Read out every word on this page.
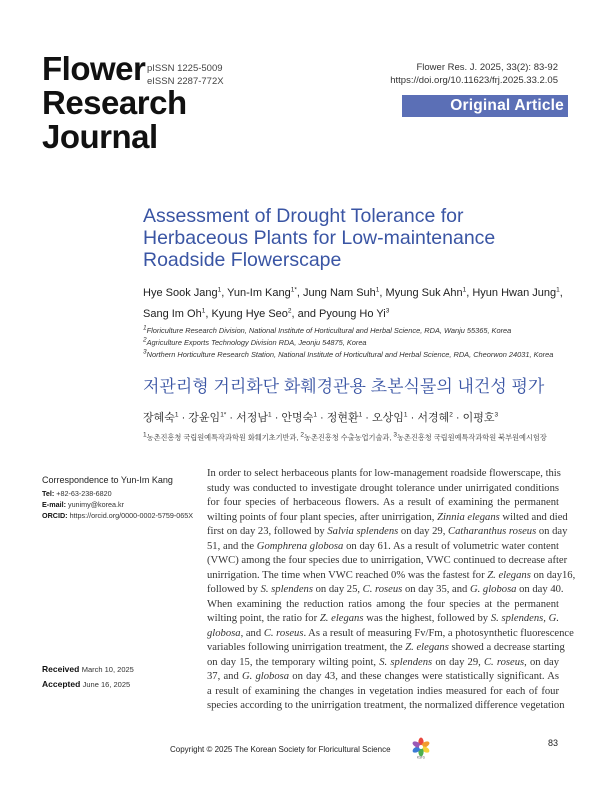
Flower
Research
Journal
pISSN 1225-5009
eISSN 2287-772X
Flower Res. J. 2025, 33(2): 83-92
https://doi.org/10.11623/frj.2025.33.2.05
Original Article
Assessment of Drought Tolerance for
Herbaceous Plants for Low-maintenance
Roadside Flowerscape
Hye Sook Jang$^1$, Yun-Im Kang$^{1*}$, Jung Nam Suh$^1$, Myung Suk Ahn$^1$, Hyun Hwan Jung$^1$,
Sang Im Oh$^1$, Kyung Hye Seo$^2$, and Pyoung Ho Yi$^3$
$^1$Floriculture Research Division, National Institute of Horticultural and Herbal Science, RDA, Wanju 55365, Korea
$^2$Agriculture Exports Technology Division RDA, Jeonju 54875, Korea
$^3$Northern Horticulture Research Station, National Institute of Horticultural and Herbal Science, RDA, Cheorwon 24031, Korea
저관리형 거리화단 화훼경관용 초본식물의 내건성 평가
장혜숙$^1$ · 강윤임$^{1*}$ · 서정남$^1$ · 안명숙$^1$ · 정현환$^1$ · 오상임$^1$ · 서경혜$^2$ · 이평호$^3$
$^1$농촌진흥청 국립원예특작과학원 화훼기초기반과, $^2$농촌진흥청 수출농업기술과, $^3$농촌진흥청 국립원예특작과학원 북부원예시험장
Correspondence to Yun-Im Kang
Tel: +82-63-238-6820
E-mail: yunimy@korea.kr
ORCID: https://orcid.org/0000-0002-5759-065X
Received March 10, 2025
Accepted June 16, 2025
In order to select herbaceous plants for low-management roadside flowerscape, this
study was conducted to investigate drought tolerance under unirrigated conditions
for four species of herbaceous flowers. As a result of examining the permanent
wilting points of four plant species, after unirrigation, Zinnia elegans wilted and died
first on day 23, followed by Salvia splendens on day 29, Catharanthus roseus on day
51, and the Gomphrena globosa on day 61. As a result of volumetric water content
(VWC) among the four species due to unirrigation, VWC continued to decrease after
unirrigation. The time when VWC reached 0% was the fastest for Z. elegans on day16,
followed by S. splendens on day 25, C. roseus on day 35, and G. globosa on day 40.
When examining the reduction ratios among the four species at the permanent
wilting point, the ratio for Z. elegans was the highest, followed by S. splendens, G.
globosa, and C. roseus. As a result of measuring Fv/Fm, a photosynthetic fluorescence
variables following unirrigation treatment, the Z. elegans showed a decrease starting
on day 15, the temporary wilting point, S. splendens on day 29, C. roseus, on day
37, and G. globosa on day 43, and these changes were statistically significant. As
a result of examining the changes in vegetation indies measured for each of four
species according to the unirrigation treatment, the normalized difference vegetation
Copyright © 2025 The Korean Society for Floricultural Science
KSFS
83
